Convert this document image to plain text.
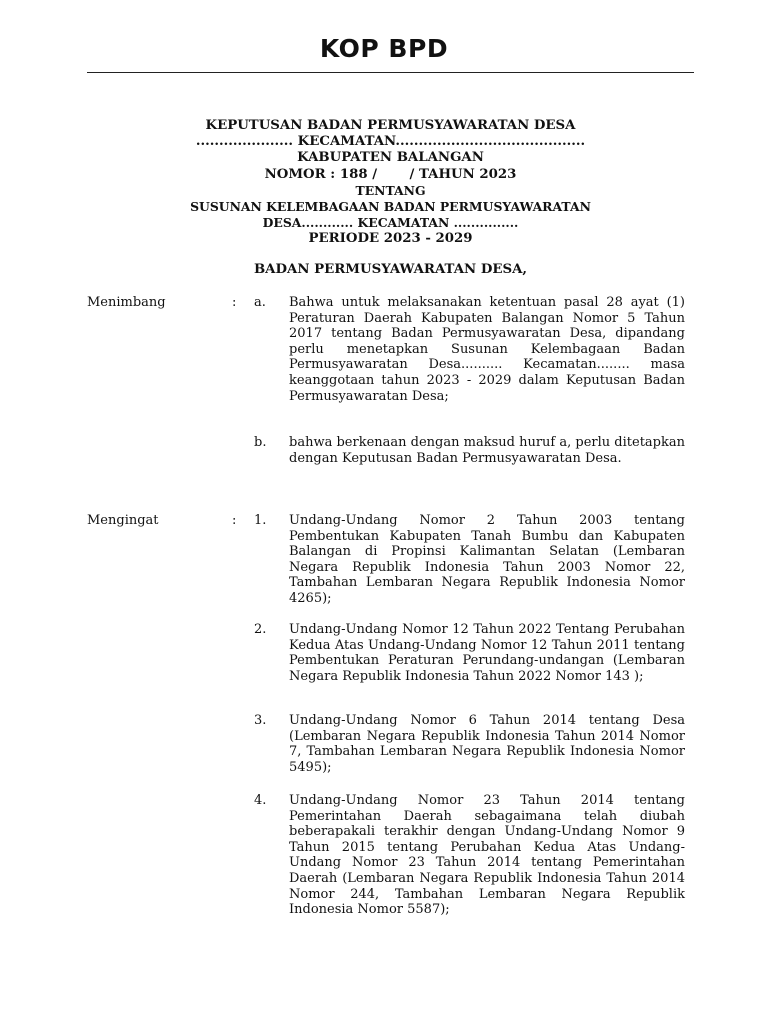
KOP BPD
KEPUTUSAN BADAN PERMUSYAWARATAN DESA
..................... KECAMATAN.........................................
KABUPATEN BALANGAN
NOMOR : 188 /       / TAHUN 2023
TENTANG
SUSUNAN KELEMBAGAAN BADAN PERMUSYAWARATAN
DESA............ KECAMATAN ...............
PERIODE 2023 - 2029
BADAN PERMUSYAWARATAN DESA,
Menimbang	: a. Bahwa untuk melaksanakan ketentuan pasal 28 ayat (1) Peraturan Daerah Kabupaten Balangan Nomor 5 Tahun 2017 tentang Badan Permusyawaratan Desa, dipandang perlu menetapkan Susunan Kelembagaan Badan Permusyawaratan Desa.......... Kecamatan........ masa keanggotaan tahun 2023 - 2029 dalam Keputusan Badan Permusyawaratan Desa;
b. bahwa berkenaan dengan maksud huruf a, perlu ditetapkan dengan Keputusan Badan Permusyawaratan Desa.
Mengingat	: 1. Undang-Undang Nomor 2 Tahun 2003 tentang Pembentukan Kabupaten Tanah Bumbu dan Kabupaten Balangan di Propinsi Kalimantan Selatan (Lembaran Negara Republik Indonesia Tahun 2003 Nomor 22, Tambahan Lembaran Negara Republik Indonesia Nomor 4265);
2. Undang-Undang Nomor 12 Tahun 2022 Tentang Perubahan Kedua Atas Undang-Undang Nomor 12 Tahun 2011 tentang Pembentukan Peraturan Perundang-undangan (Lembaran Negara Republik Indonesia Tahun 2022 Nomor 143 );
3. Undang-Undang Nomor 6 Tahun 2014 tentang Desa (Lembaran Negara Republik Indonesia Tahun 2014 Nomor 7, Tambahan Lembaran Negara Republik Indonesia Nomor 5495);
4. Undang-Undang Nomor 23 Tahun 2014 tentang Pemerintahan Daerah sebagaimana telah diubah beberapakali terakhir dengan Undang-Undang Nomor 9 Tahun 2015 tentang Perubahan Kedua Atas Undang- Undang Nomor 23 Tahun 2014 tentang Pemerintahan Daerah (Lembaran Negara Republik Indonesia Tahun 2014 Nomor 244, Tambahan Lembaran Negara Republik Indonesia Nomor 5587);
